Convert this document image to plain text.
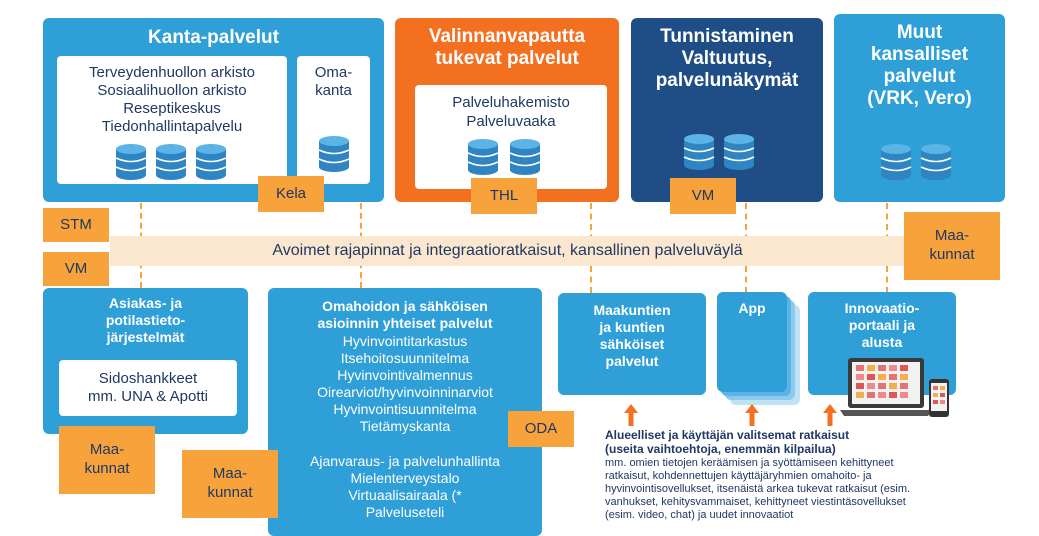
Avoimet rajapinnat ja integraatioratkaisut, kansallinen palveluväylä
STM
VM
Maa-
kunnat
Kanta-palvelut
Terveydenhuollon arkisto
Sosiaalihuollon arkisto
Reseptikeskus
Tiedonhallintapalvelu
Oma-
kanta
Kela
Valinnanvapautta
tukevat palvelut
Palveluhakemisto
Palveluvaaka
THL
Tunnistaminen
Valtuutus,
palvelunäkymät
VM
Muut
kansalliset
palvelut
(VRK, Vero)
Asiakas- ja
potilastieto-
järjestelmät
Sidoshankkeet
mm. UNA & Apotti
Maa-
kunnat
Omahoidon ja sähköisen
asioinnin yhteiset palvelut
Hyvinvointitarkastus
Itsehoitosuunnitelma
Hyvinvointivalmennus
Oirearviot/hyvinvoinninarviot
Hyvinvointisuunnitelma
Tietämyskanta
Ajanvaraus- ja palvelunhallinta
Mielenterveystalo
Virtuaalisairaala (*
Palveluseteli
Maa-
kunnat
ODA
Maakuntien
ja kuntien
sähköiset
palvelut
App	Innovaatio-
portaali ja
alusta
Alueelliset ja käyttäjän valitsemat ratkaisut
(useita vaihtoehtoja, enemmän kilpailua)
mm. omien tietojen keräämisen ja syöttämiseen kehittyneet
ratkaisut, kohdennettujen käyttäjäryhmien omahoito- ja
hyvinvointisovellukset, itsenäistä arkea tukevat ratkaisut (esim.
vanhukset, kehitysvammaiset, kehittyneet viestintäsovellukset
(esim. video, chat) ja uudet innovaatiot
